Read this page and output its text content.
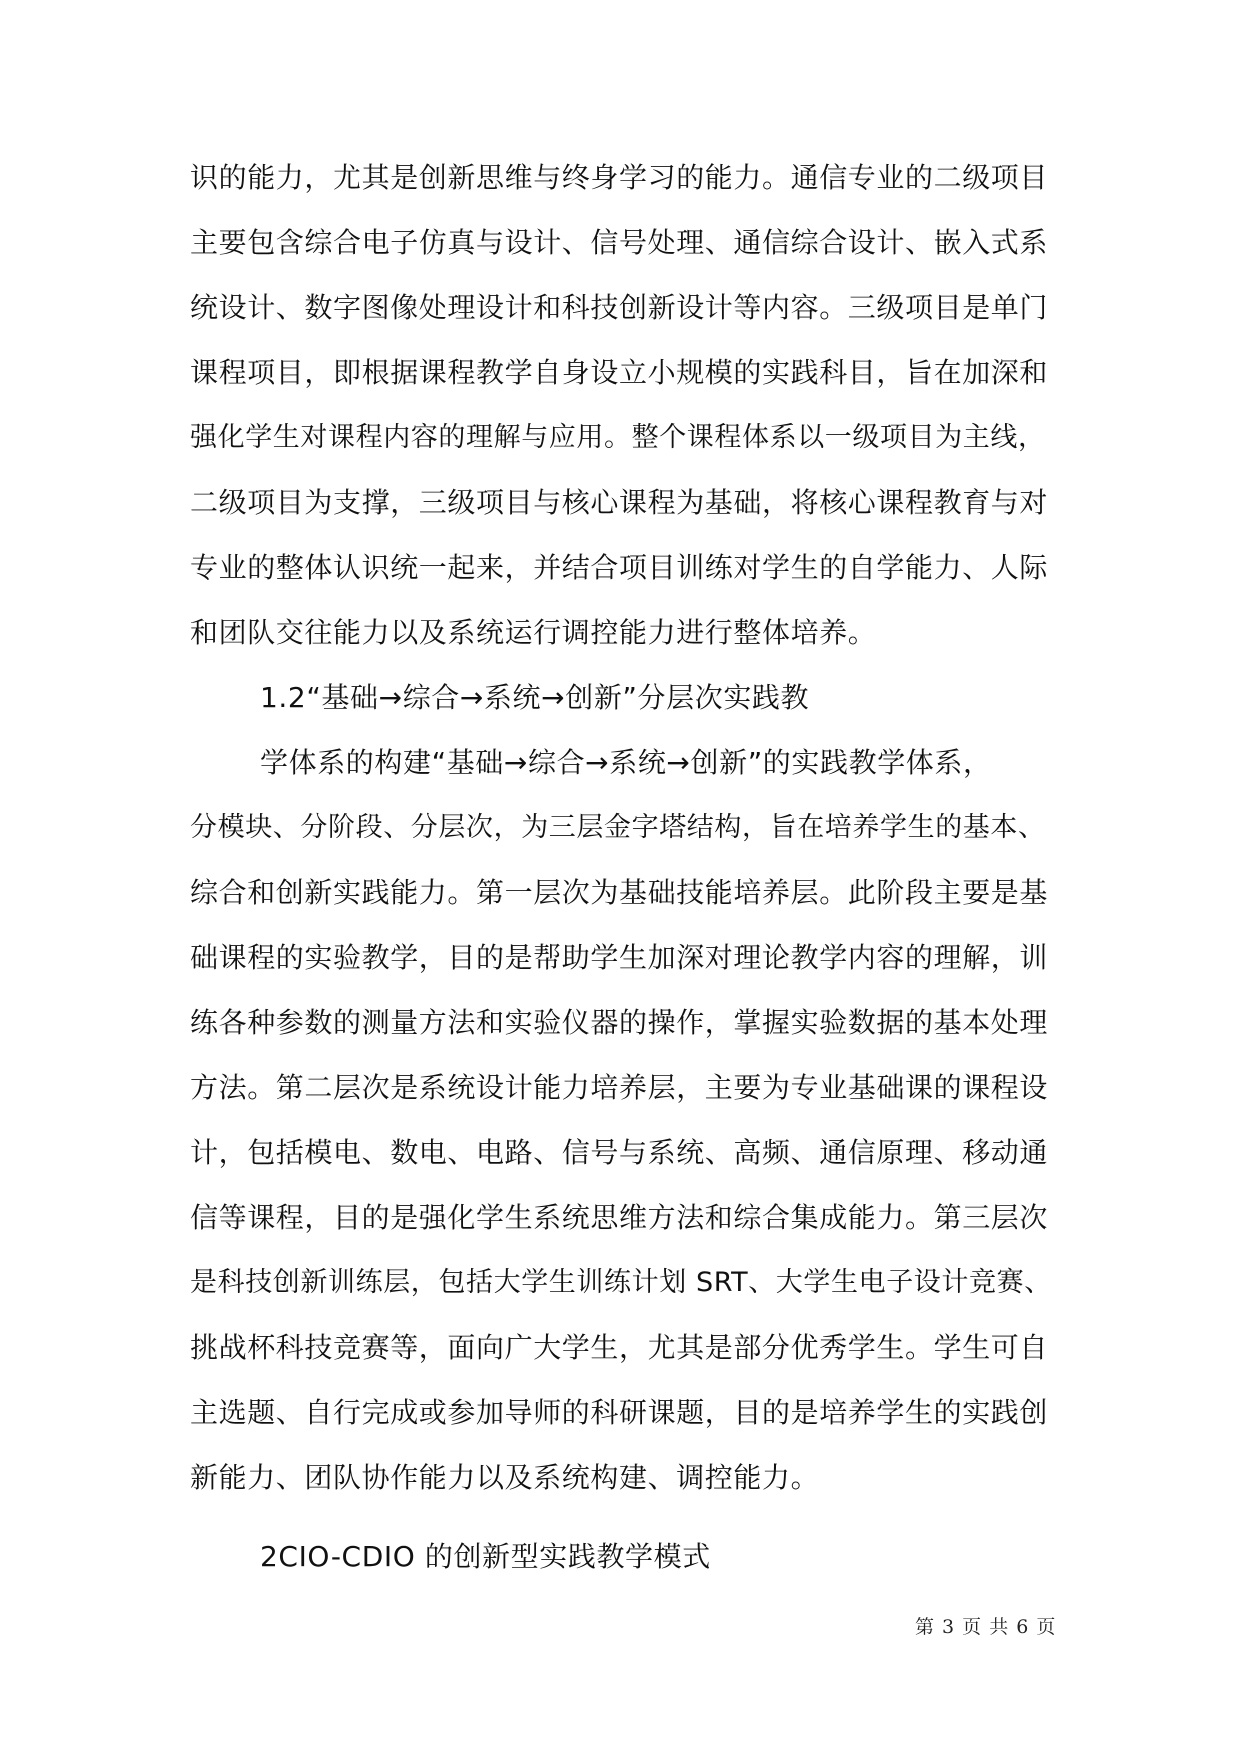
识的能力，尤其是创新思维与终身学习的能力。通信专业的二级项目
主要包含综合电子仿真与设计、信号处理、通信综合设计、嵌入式系
统设计、数字图像处理设计和科技创新设计等内容。三级项目是单门
课程项目，即根据课程教学自身设立小规模的实践科目，旨在加深和
强化学生对课程内容的理解与应用。整个课程体系以一级项目为主线，
二级项目为支撑，三级项目与核心课程为基础，将核心课程教育与对
专业的整体认识统一起来，并结合项目训练对学生的自学能力、人际
和团队交往能力以及系统运行调控能力进行整体培养。
1.2“基础→综合→系统→创新”分层次实践教
学体系的构建“基础→综合→系统→创新”的实践教学体系，
分模块、分阶段、分层次，为三层金字塔结构，旨在培养学生的基本、
综合和创新实践能力。第一层次为基础技能培养层。此阶段主要是基
础课程的实验教学，目的是帮助学生加深对理论教学内容的理解，训
练各种参数的测量方法和实验仪器的操作，掌握实验数据的基本处理
方法。第二层次是系统设计能力培养层，主要为专业基础课的课程设
计，包括模电、数电、电路、信号与系统、高频、通信原理、移动通
信等课程，目的是强化学生系统思维方法和综合集成能力。第三层次
是科技创新训练层，包括大学生训练计划 SRT、大学生电子设计竞赛、
挑战杯科技竞赛等，面向广大学生，尤其是部分优秀学生。学生可自
主选题、自行完成或参加导师的科研课题，目的是培养学生的实践创
新能力、团队协作能力以及系统构建、调控能力。
2CIO-CDIO 的创新型实践教学模式
第 3 页 共 6 页
